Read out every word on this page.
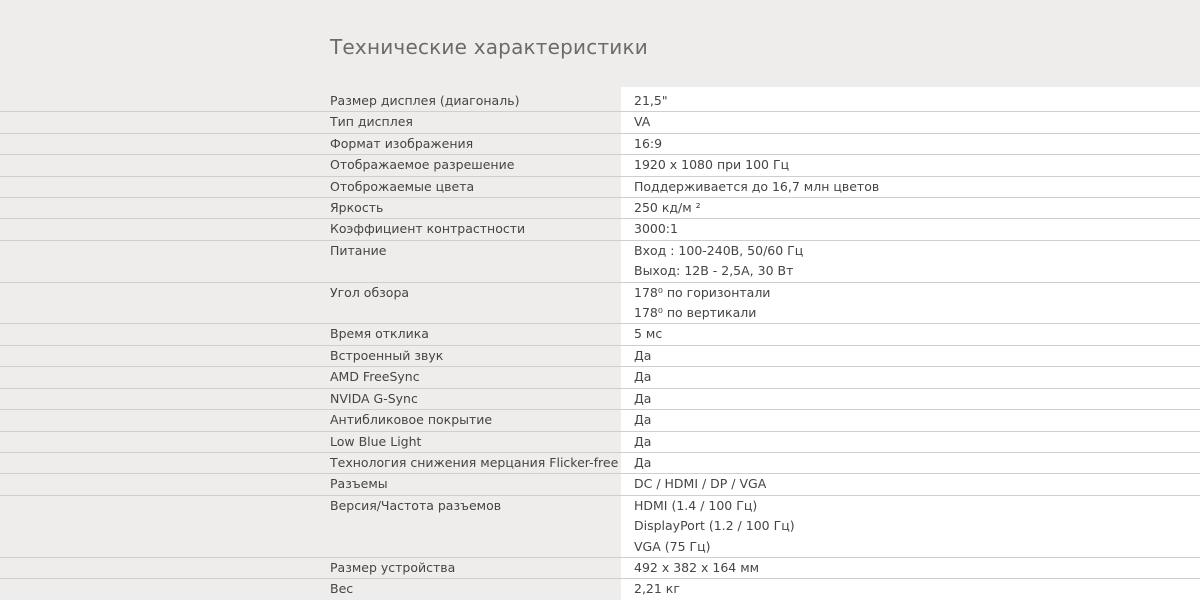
Технические характеристики
Размер дисплея (диагональ)	21,5"
Тип дисплея	VA
Формат изображения	16:9
Отображаемое разрешение	1920 x 1080 при 100 Гц
Отоброжаемые цвета	Поддерживается до 16,7 млн цветов
Яркость	250 кд/м ²
Коэффициент контрастности	3000:1
Питание	Вход : 100-240В, 50/60 Гц
Выход: 12В - 2,5А, 30 Вт
Угол обзора	178⁰ по горизонтали
178⁰ по вертикали
Время отклика	5 мс
Встроенный звук	Да
AMD FreeSync	Да
NVIDA G-Sync	Да
Антибликовое покрытие	Да
Low Blue Light	Да
Технология снижения мерцания Flicker-free Да
Разъемы	DC / HDMI / DP / VGA
Версия/Частота разъемов	HDMI (1.4 / 100 Гц)
DisplayPort (1.2 / 100 Гц)
VGA (75 Гц)
Размер устройства	492 x 382 x 164 мм
Вес	2,21 кг
